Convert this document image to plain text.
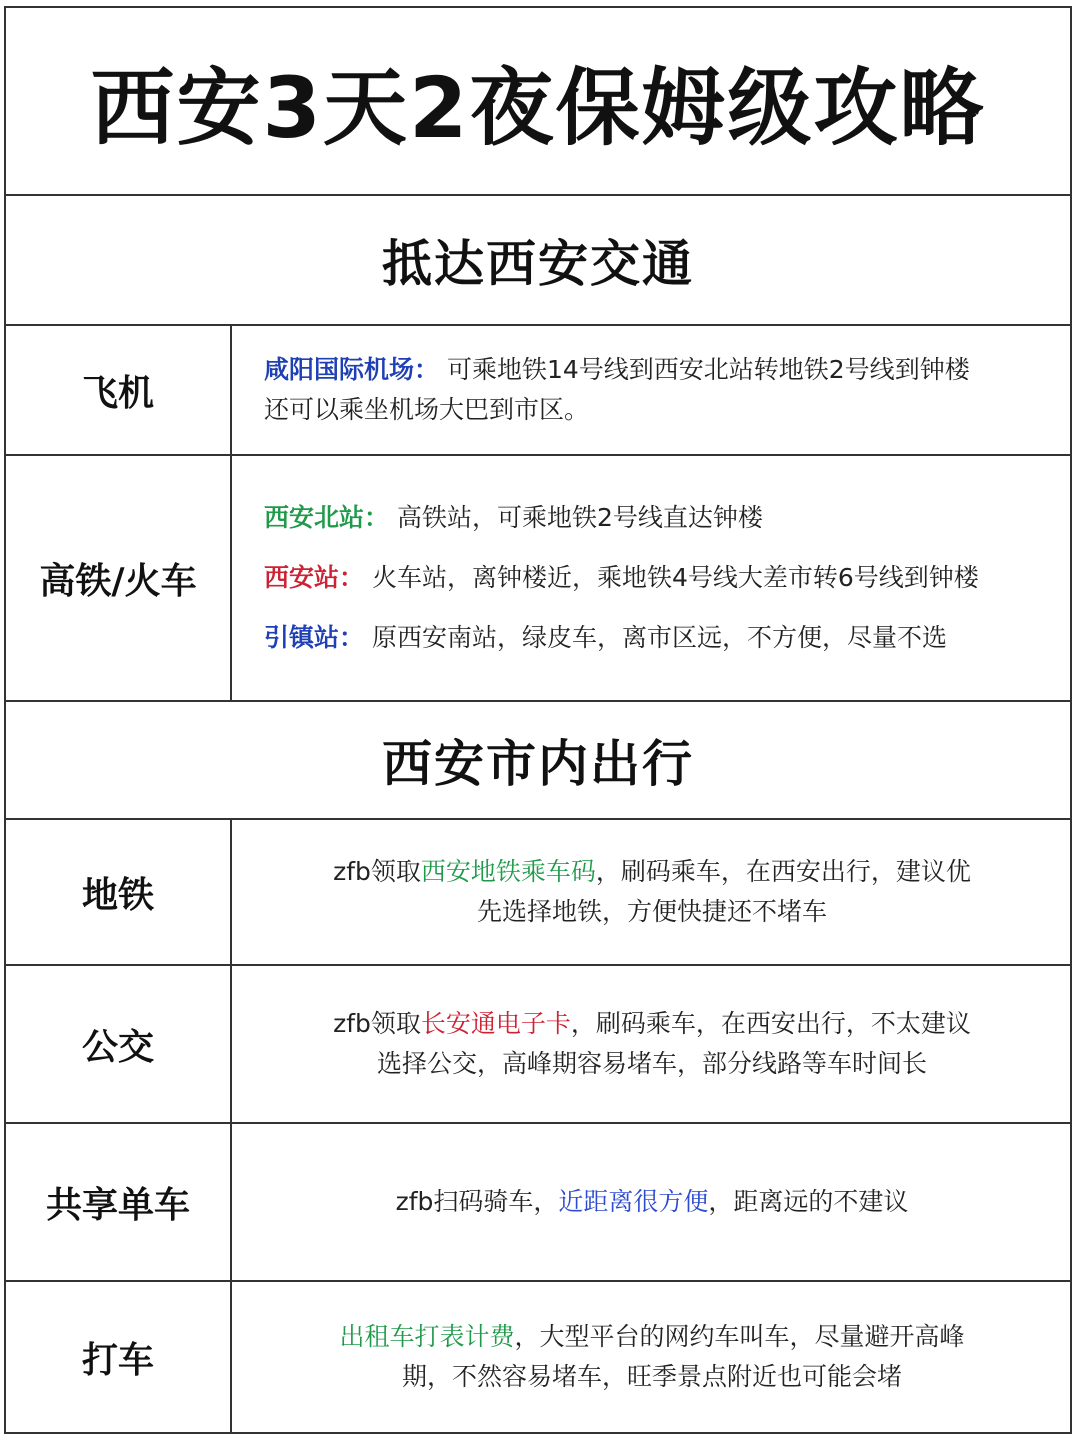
西安3天2夜保姆级攻略
抵达西安交通
飞机
咸阳国际机场： 可乘地铁14号线到西安北站转地铁2号线到钟楼
还可以乘坐机场大巴到市区。
高铁/火车
西安北站： 高铁站，可乘地铁2号线直达钟楼
西安站： 火车站，离钟楼近，乘地铁4号线大差市转6号线到钟楼
引镇站： 原西安南站，绿皮车，离市区远，不方便，尽量不选
西安市内出行
地铁
zfb领取西安地铁乘车码，刷码乘车，在西安出行，建议优
先选择地铁，方便快捷还不堵车
公交
zfb领取长安通电子卡，刷码乘车，在西安出行，不太建议
选择公交，高峰期容易堵车，部分线路等车时间长
共享单车	zfb扫码骑车，近距离很方便，距离远的不建议
打车
出租车打表计费，大型平台的网约车叫车，尽量避开高峰
期，不然容易堵车，旺季景点附近也可能会堵
